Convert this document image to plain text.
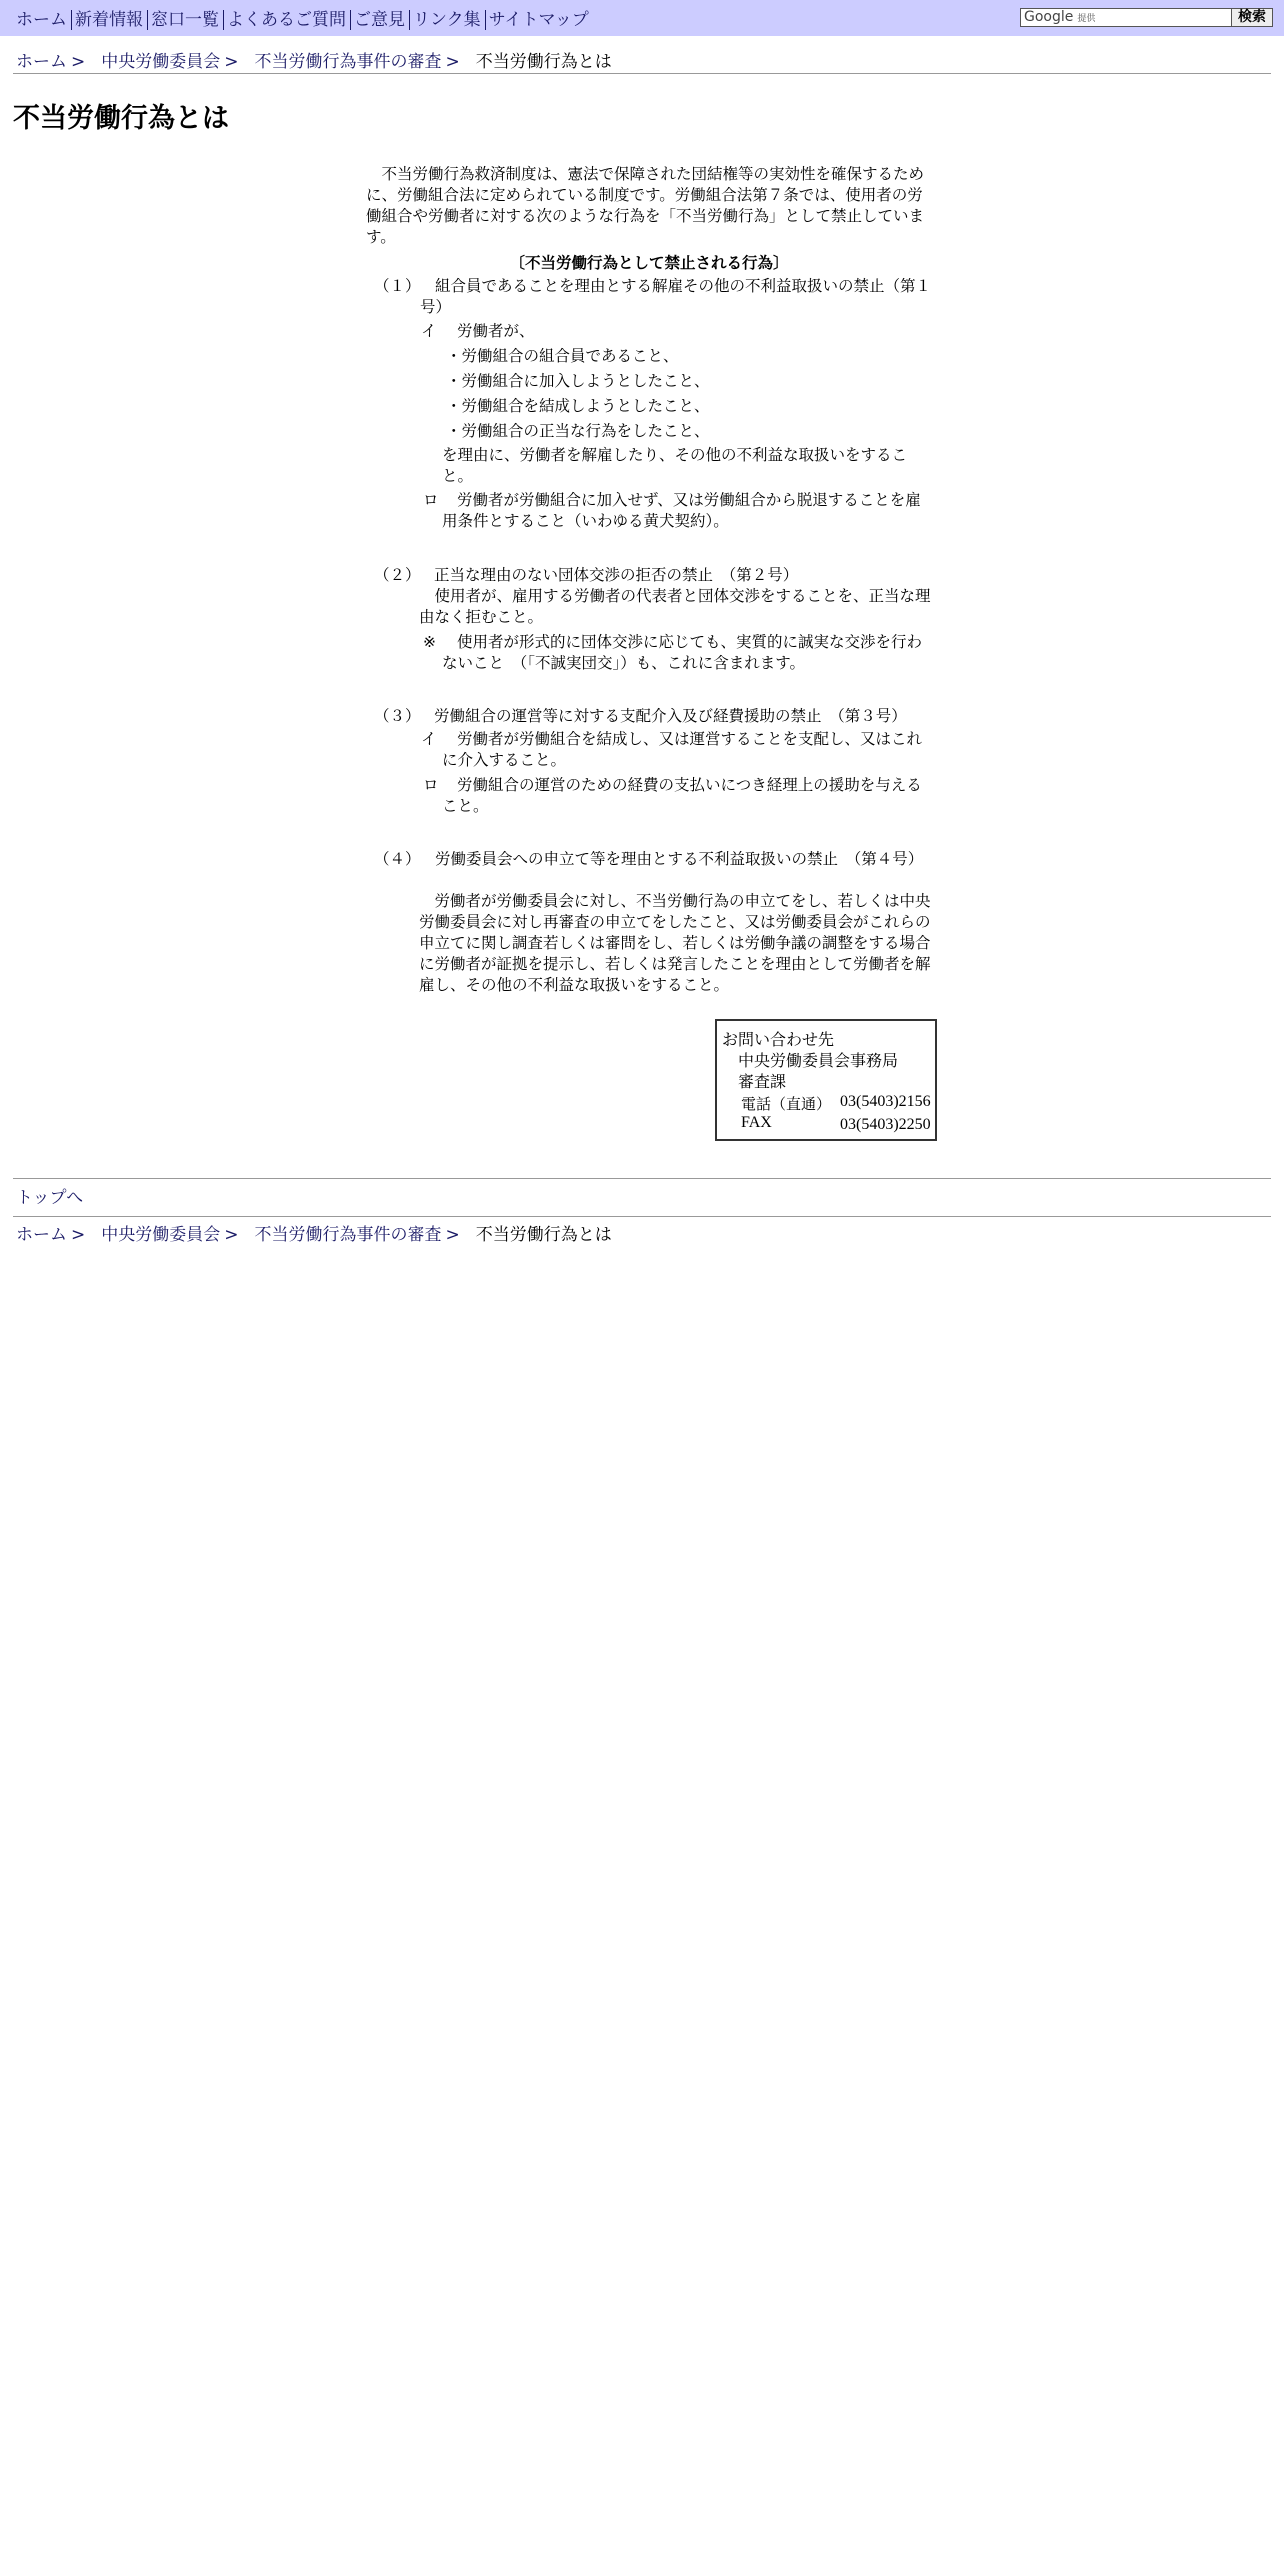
ホーム 新着情報 窓口一覧 よくあるご質問 ご意見 リンク集 サイトマップ	Google 提供	検索
ホーム > 中央労働委員会 > 不当労働行為事件の審査 > 不当労働行為とは
不当労働行為とは

　不当労働行為救済制度は、憲法で保障された団結権等の実効性を確保するために、労働組合法に定められている制度です。労働組合法第７条では、使用者の労働組合や労働者に対する次のような行為を「不当労働行為」として禁止しています。

〔不当労働行為として禁止される行為〕
（１） 組合員であることを理由とする解雇その他の不利益取扱いの禁止（第１号）
イ 労働者が、
・労働組合の組合員であること、
・労働組合に加入しようとしたこと、
・労働組合を結成しようとしたこと、
・労働組合の正当な行為をしたこと、
を理由に、労働者を解雇したり、その他の不利益な取扱いをすること。
ロ	労働者が労働組合に加入せず、又は労働組合から脱退することを雇用条件とすること（いわゆる黄犬契約）。
（２） 正当な理由のない団体交渉の拒否の禁止　（第２号）
　使用者が、雇用する労働者の代表者と団体交渉をすることを、正当な理由なく拒むこと。
※	使用者が形式的に団体交渉に応じても、実質的に誠実な交渉を行わないこと　（「不誠実団交」）も、これに含まれます。
（３） 労働組合の運営等に対する支配介入及び経費援助の禁止　（第３号）
イ	労働者が労働組合を結成し、又は運営することを支配し、又はこれに介入すること。
ロ	労働組合の運営のための経費の支払いにつき経理上の援助を与えること。
（４） 労働委員会への申立て等を理由とする不利益取扱いの禁止　（第４号）
　労働者が労働委員会に対し、不当労働行為の申立てをし、若しくは中央労働委員会に対し再審査の申立てをしたこと、又は労働委員会がこれらの申立てに関し調査若しくは審問をし、若しくは労働争議の調整をする場合に労働者が証拠を提示し、若しくは発言したことを理由として労働者を解雇し、その他の不利益な取扱いをすること。
お問い合わせ先
中央労働委員会事務局
審査課
電話（直通） 03(5403)2156
FAX	03(5403)2250
トップへ
ホーム > 中央労働委員会 > 不当労働行為事件の審査 > 不当労働行為とは
